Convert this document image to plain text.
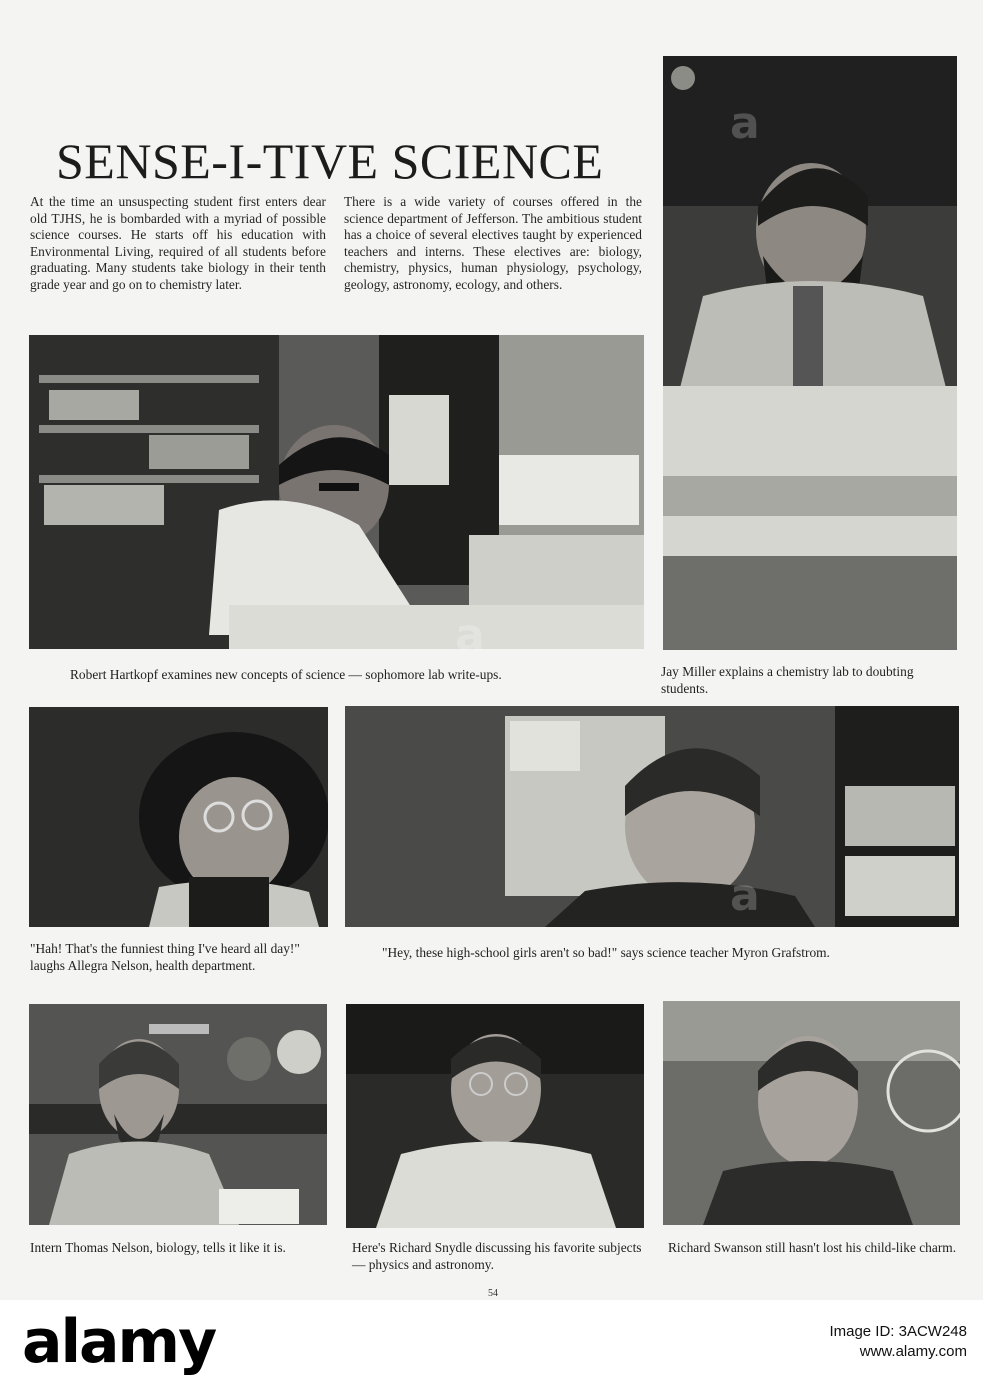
SENSE-I-TIVE SCIENCE

At the time an unsuspecting student first enters dear old TJHS, he is bombarded with a myriad of possible science courses. He starts off his education with Environmental Living, required of all students before graduating. Many students take biology in their tenth grade year and go on to chemistry later.

There is a wide variety of courses offered in the science department of Jefferson. The ambitious student has a choice of several electives taught by experienced teachers and interns. These electives are: biology, chemistry, physics, human physiology, psychology, geology, astronomy, ecology, and others.

Robert Hartkopf examines new concepts of science — sophomore lab write-ups.	Jay Miller explains a chemistry lab to doubting students.
"Hah! That's the funniest thing I've heard all day!" laughs Allegra Nelson, health department.
"Hey, these high-school girls aren't so bad!" says science teacher Myron Grafstrom.
Intern Thomas Nelson, biology, tells it like it is.	Here's Richard Snydle discussing his favorite subjects — physics and astronomy.
Richard Swanson still hasn't lost his child-like charm.
54
a
a
a
alamy	Image ID: 3ACW248
www.alamy.com
